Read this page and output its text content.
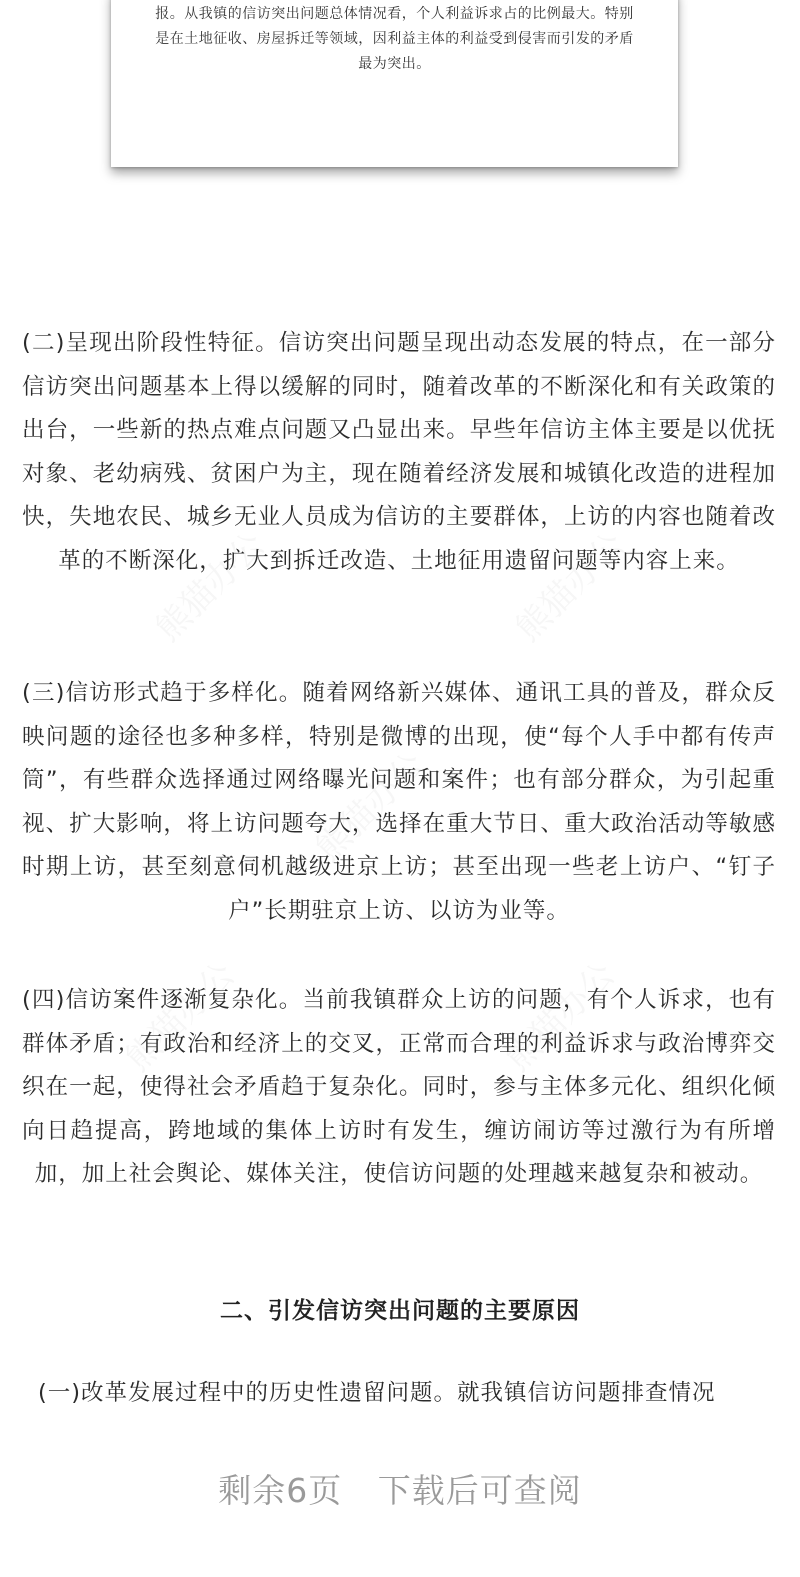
报。从我镇的信访突出问题总体情况看，个人利益诉求占的比例最大。特别是在土地征收、房屋拆迁等领域，因利益主体的利益受到侵害而引发的矛盾最为突出。

(二)呈现出阶段性特征。信访突出问题呈现出动态发展的特点，在一部分信访突出问题基本上得以缓解的同时，随着改革的不断深化和有关政策的出台，一些新的热点难点问题又凸显出来。早些年信访主体主要是以优抚对象、老幼病残、贫困户为主，现在随着经济发展和城镇化改造的进程加快，失地农民、城乡无业人员成为信访的主要群体，上访的内容也随着改革的不断深化，扩大到拆迁改造、土地征用遗留问题等内容上来。

(三)信访形式趋于多样化。随着网络新兴媒体、通讯工具的普及，群众反映问题的途径也多种多样，特别是微博的出现，使“每个人手中都有传声筒”，有些群众选择通过网络曝光问题和案件；也有部分群众，为引起重视、扩大影响，将上访问题夸大，选择在重大节日、重大政治活动等敏感时期上访，甚至刻意伺机越级进京上访；甚至出现一些老上访户、“钉子户”长期驻京上访、以访为业等。

(四)信访案件逐渐复杂化。当前我镇群众上访的问题，有个人诉求，也有群体矛盾；有政治和经济上的交叉，正常而合理的利益诉求与政治博弈交织在一起，使得社会矛盾趋于复杂化。同时，参与主体多元化、组织化倾向日趋提高，跨地域的集体上访时有发生，缠访闹访等过激行为有所增加，加上社会舆论、媒体关注，使信访问题的处理越来越复杂和被动。

二、引发信访突出问题的主要原因

(一)改革发展过程中的历史性遗留问题。就我镇信访问题排查情况

熊猫办公	熊猫办公
熊猫办公
熊猫办公	熊猫办公
剩余6页 下载后可查阅
